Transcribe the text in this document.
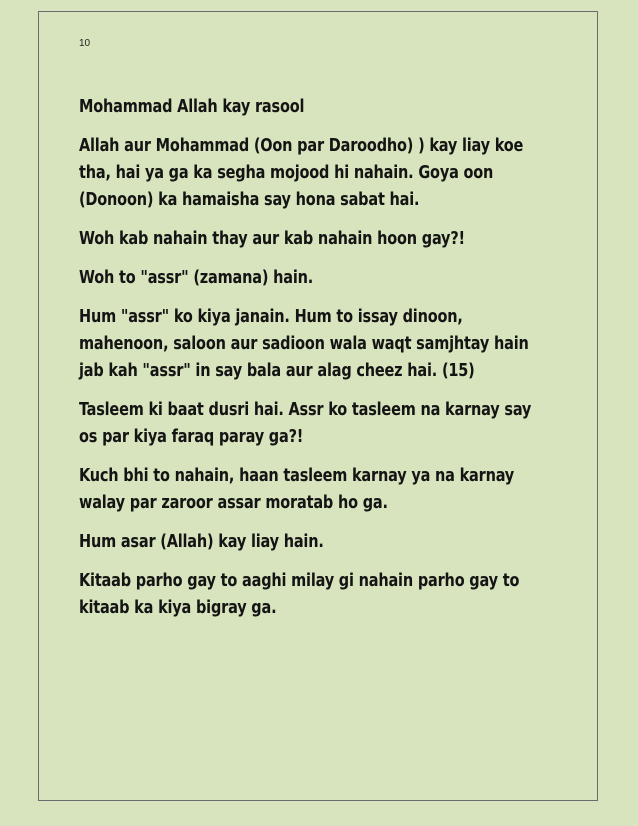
10

Mohammad Allah kay rasool

Allah aur Mohammad (Oon par Daroodho) ) kay liay koe tha, hai ya ga ka segha mojood hi nahain. Goya oon (Donoon) ka hamaisha say hona sabat hai.

Woh kab nahain thay aur kab nahain hoon gay?!

Woh to "assr" (zamana) hain.

Hum "assr" ko kiya janain. Hum to issay dinoon, mahenoon, saloon aur sadioon wala waqt samjhtay hain jab kah "assr" in say bala aur alag cheez hai. (15)

Tasleem ki baat dusri hai. Assr ko tasleem na karnay say os par kiya faraq paray ga?!

Kuch bhi to nahain, haan tasleem karnay ya na karnay walay par zaroor assar moratab ho ga.

Hum asar (Allah) kay liay hain.

Kitaab parho gay to aaghi milay gi nahain parho gay to kitaab ka kiya bigray ga.
